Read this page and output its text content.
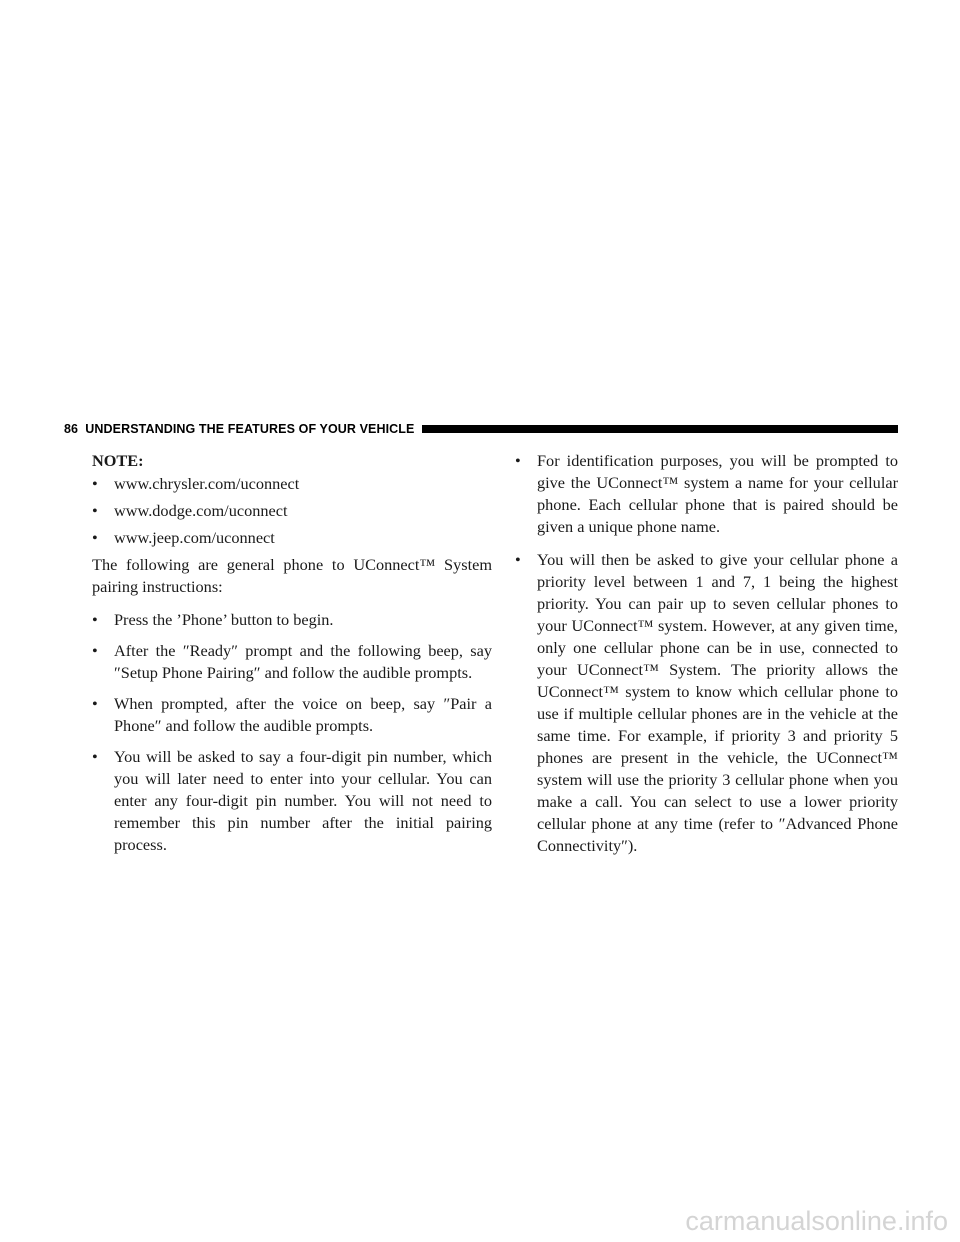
86 UNDERSTANDING THE FEATURES OF YOUR VEHICLE
NOTE:
• www.chrysler.com/uconnect
• www.dodge.com/uconnect
• www.jeep.com/uconnect

The following are general phone to UConnect™ System pairing instructions:

• Press the ’Phone’ button to begin.
• After the ″Ready″ prompt and the following beep, say ″Setup Phone Pairing″ and follow the audible prompts.
• When prompted, after the voice on beep, say ″Pair a Phone″ and follow the audible prompts.
• You will be asked to say a four-digit pin number, which you will later need to enter into your cellular. You can enter any four-digit pin number. You will not need to remember this pin number after the initial pairing process.
• For identification purposes, you will be prompted to give the UConnect™ system a name for your cellular phone. Each cellular phone that is paired should be given a unique phone name.
• You will then be asked to give your cellular phone a priority level between 1 and 7, 1 being the highest priority. You can pair up to seven cellular phones to your UConnect™ system. However, at any given time, only one cellular phone can be in use, connected to your UConnect™ System. The priority allows the UConnect™ system to know which cellular phone to use if multiple cellular phones are in the vehicle at the same time. For example, if priority 3 and priority 5 phones are present in the vehicle, the UConnect™ system will use the priority 3 cellular phone when you make a call. You can select to use a lower priority cellular phone at any time (refer to ″Advanced Phone Connectivity″).
carmanualsonline.info
